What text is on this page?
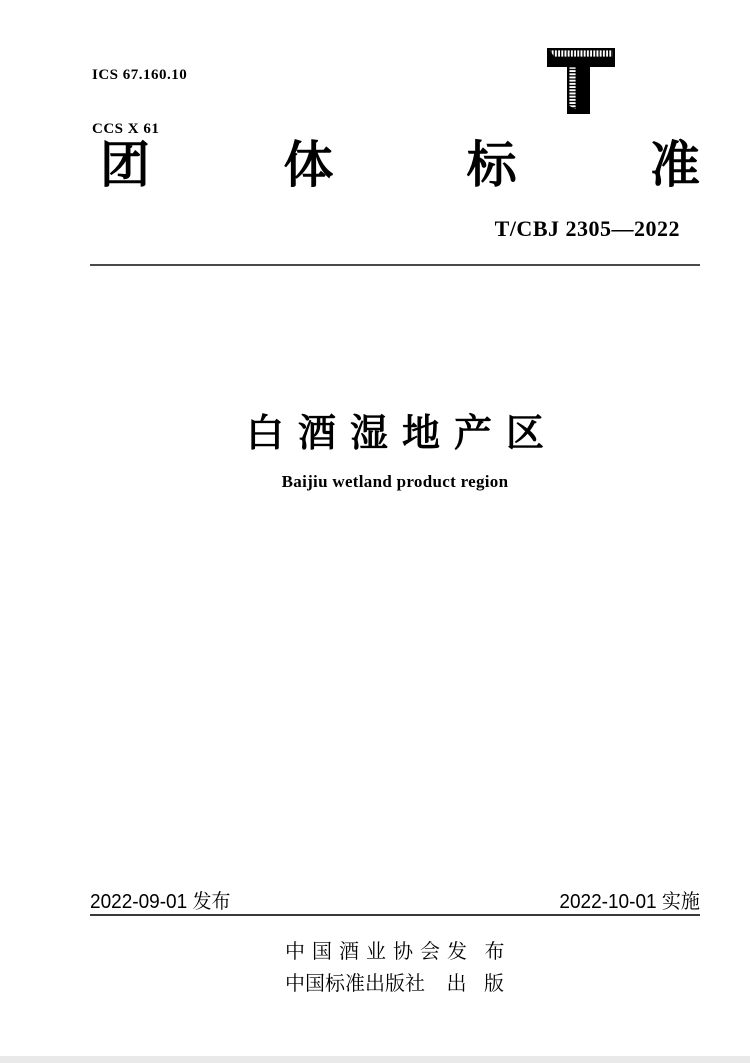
ICS 67.160.10

CCS X 61

团	体	标	准
T/CBJ 2305—2022
白酒湿地产区
Baijiu wetland product region
2022-09-01 发布	2022-10-01 实施
中国酒业协会 发 布
中国标准出版社 出 版
